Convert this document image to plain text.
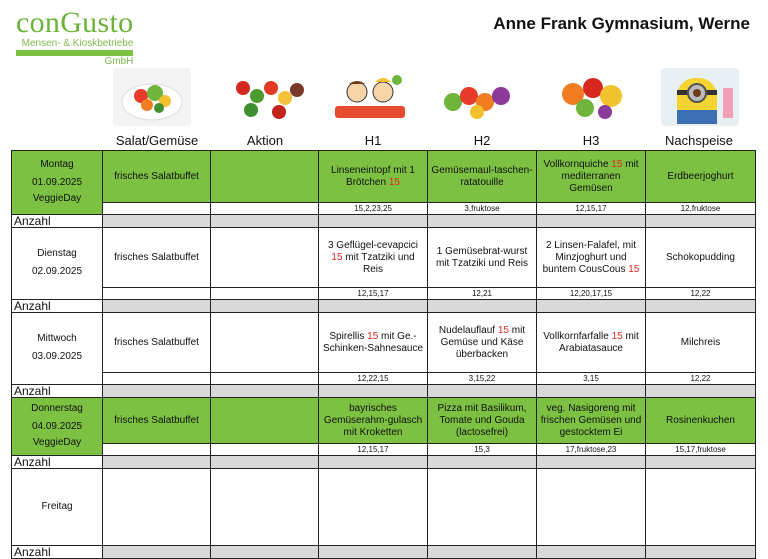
conGusto
Mensen- & Kioskbetriebe
GmbH
Anne Frank Gymnasium, Werne
Salat/Gemüse	Aktion	H1	H2	H3	Nachspeise
Montag
01.09.2025
VeggieDay	frisches Salatbuffet		Linseneintopf mit 1 Brötchen 15	Gemüsemaul-taschen-ratatouille	Vollkornquiche 15 mit mediterranen Gemüsen	Erdbeerjoghurt
			15,2,23,25	3,fruktose	12,15,17	12,fruktose
Anzahl						
Dienstag
02.09.2025	frisches Salatbuffet		3 Geflügel-cevapcici 15 mit Tzatziki und Reis	1 Gemüsebrat-wurst mit Tzatziki und Reis	2 Linsen-Falafel, mit Minzjoghurt und buntem CousCous 15	Schokopudding
			12,15,17	12,21	12,20,17,15	12,22
Anzahl						
Mittwoch
03.09.2025	frisches Salatbuffet		Spirellis 15 mit Ge.-Schinken-Sahnesauce	Nudelauflauf 15 mit Gemüse und Käse überbacken	Vollkornfarfalle 15 mit Arabiatasauce	Milchreis
			12,22,15	3,15,22	3,15	12,22
Anzahl						
Donnerstag
04.09.2025
VeggieDay	frisches Salatbuffet		bayrisches Gemüserahm-gulasch mit Kroketten	Pizza mit Basilikum, Tomate und Gouda (lactosefrei)	veg. Nasigoreng mit frischen Gemüsen und gestocktem Ei	Rosinenkuchen
			12,15,17	15,3	17,fruktose,23	15,17,fruktose
Anzahl						
Freitag			

Anzahl						
